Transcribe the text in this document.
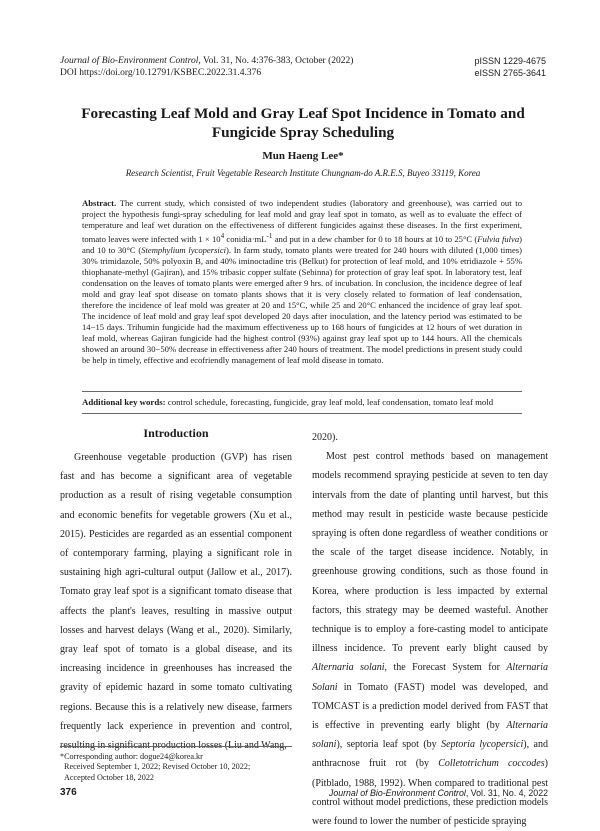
Journal of Bio-Environment Control, Vol. 31, No. 4:376-383, October (2022)
DOI https://doi.org/10.12791/KSBEC.2022.31.4.376
pISSN 1229-4675
eISSN 2765-3641
Forecasting Leaf Mold and Gray Leaf Spot Incidence in Tomato and
Fungicide Spray Scheduling
Mun Haeng Lee*
Research Scientist, Fruit Vegetable Research Institute Chungnam-do A.R.E.S, Buyeo 33119, Korea
Abstract. The current study, which consisted of two independent studies (laboratory and greenhouse), was carried out to project the hypothesis fungi-spray scheduling for leaf mold and gray leaf spot in tomato, as well as to evaluate the effect of temperature and leaf wet duration on the effectiveness of different fungicides against these diseases. In the first experiment, tomato leaves were infected with $1 \times 10^4$ $conidia\cdot mL^{-1}$ and put in a dew chamber for 0 to 18 hours at 10 to 25°C (Fulvia fulva) and 10 to 30°C (Stemphylium lycopersici). In farm study, tomato plants were treated for 240 hours with diluted (1,000 times) 30% trimidazole, 50% polyoxin B, and 40% iminoctadine tris (Belkut) for protection of leaf mold, and 10% etridiazole + 55% thiophanate-methyl (Gajiran), and 15% tribasic copper sulfate (Sebinna) for protection of gray leaf spot. In laboratory test, leaf condensation on the leaves of tomato plants were emerged after 9 hrs. of incubation. In conclusion, the incidence degree of leaf mold and gray leaf spot disease on tomato plants shows that it is very closely related to formation of leaf condensation, therefore the incidence of leaf mold was greater at 20 and 15°C, while 25 and 20°C enhanced the incidence of gray leaf spot. The incidence of leaf mold and gray leaf spot developed 20 days after inoculation, and the latency period was estimated to be 14−15 days. Trihumin fungicide had the maximum effectiveness up to 168 hours of fungicides at 12 hours of wet duration in leaf mold, whereas Gajiran fungicide had the highest control (93%) against gray leaf spot up to 144 hours. All the chemicals showed an around 30−50% decrease in effectiveness after 240 hours of treatment. The model predictions in present study could be help in timely, effective and ecofriendly management of leaf mold disease in tomato.
Additional key words: control schedule, forecasting, fungicide, gray leaf mold, leaf condensation, tomato leaf mold
Introduction
Greenhouse vegetable production (GVP) has risen fast and has become a significant area of vegetable production as a result of rising vegetable consumption and economic benefits for vegetable growers (Xu et al., 2015). Pesticides are regarded as an essential component of contemporary farming, playing a significant role in sustaining high agri-cultural output (Jallow et al., 2017). Tomato gray leaf spot is a significant tomato disease that affects the plant's leaves, resulting in massive output losses and harvest delays (Wang et al., 2020). Similarly, gray leaf spot of tomato is a global disease, and its increasing incidence in greenhouses has increased the gravity of epidemic hazard in some tomato cultivating regions. Because this is a relatively new disease, farmers frequently lack experience in prevention and control, resulting in significant production losses (Liu and Wang,
2020).
Most pest control methods based on management models recommend spraying pesticide at seven to ten day intervals from the date of planting until harvest, but this method may result in pesticide waste because pesticide spraying is often done regardless of weather conditions or the scale of the target disease incidence. Notably, in greenhouse growing conditions, such as those found in Korea, where production is less impacted by external factors, this strategy may be deemed wasteful. Another technique is to employ a fore-casting model to anticipate illness incidence. To prevent early blight caused by Alternaria solani, the Forecast System for Alternaria Solani in Tomato (FAST) model was developed, and TOMCAST is a prediction model derived from FAST that is effective in preventing early blight (by Alternaria solani), septoria leaf spot (by Septoria lycopersici), and anthracnose fruit rot (by Colletotrichum coccodes) (Pitblado, 1988, 1992). When compared to traditional pest control without model predictions, these prediction models were found to lower the number of pesticide spraying
*Corresponding author: dogue24@korea.kr
Received September 1, 2022; Revised October 10, 2022;
Accepted October 18, 2022
376	Journal of Bio-Environment Control, Vol. 31, No. 4, 2022
